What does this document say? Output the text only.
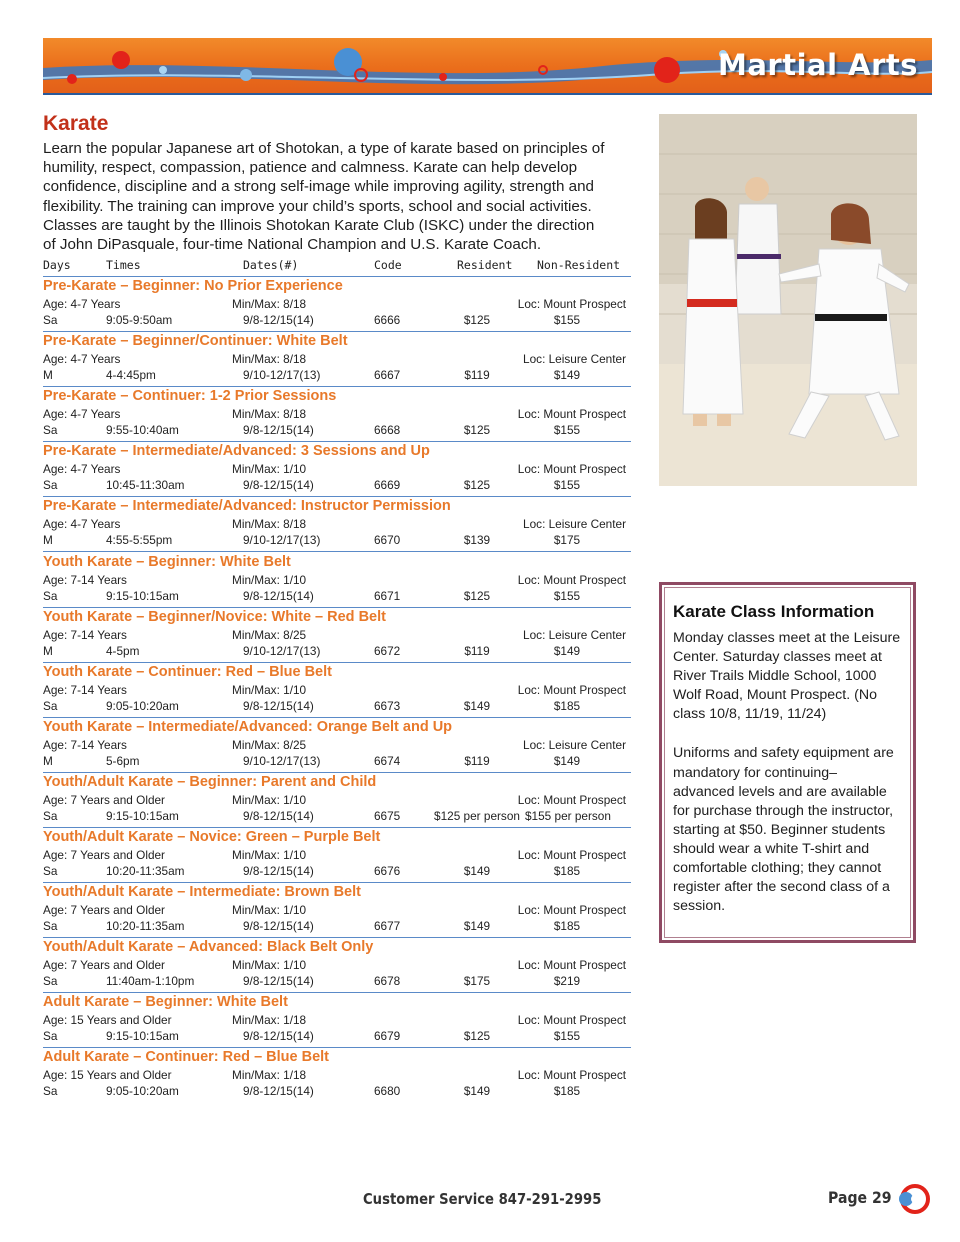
Martial Arts
Karate
Learn the popular Japanese art of Shotokan, a type of karate based on principles of humility, respect, compassion, patience and calmness. Karate can help develop confidence, discipline and a strong self-image while improving agility, strength and flexibility. The training can improve your child’s sports, school and social activities. Classes are taught by the Illinois Shotokan Karate Club (ISKC) under the direction of John DiPasquale, four-time National Champion and U.S. Karate Coach.
Days	Times	Dates(#)	Code	Resident Non-Resident
Pre-Karate – Beginner: No Prior Experience
Age: 4-7 Years	Min/Max: 8/18	Loc: Mount Prospect
Sa	9:05-9:50am	9/8-12/15(14)	6666	$125	$155
Pre-Karate – Beginner/Continuer: White Belt
Age: 4-7 Years	Min/Max: 8/18	Loc: Leisure Center
M	4-4:45pm	9/10-12/17(13)	6667	$119	$149
Pre-Karate – Continuer: 1-2 Prior Sessions
Age: 4-7 Years	Min/Max: 8/18	Loc: Mount Prospect
Sa	9:55-10:40am	9/8-12/15(14)	6668	$125	$155
Pre-Karate – Intermediate/Advanced: 3 Sessions and Up
Age: 4-7 Years	Min/Max: 1/10	Loc: Mount Prospect
Sa	10:45-11:30am	9/8-12/15(14)	6669	$125	$155
Pre-Karate – Intermediate/Advanced: Instructor Permission
Age: 4-7 Years	Min/Max: 8/18	Loc: Leisure Center
M	4:55-5:55pm	9/10-12/17(13)	6670	$139	$175
Youth Karate – Beginner: White Belt
Age: 7-14 Years	Min/Max: 1/10	Loc: Mount Prospect
Sa	9:15-10:15am	9/8-12/15(14)	6671	$125	$155
Youth Karate – Beginner/Novice: White – Red Belt
Age: 7-14 Years	Min/Max: 8/25	Loc: Leisure Center
M	4-5pm	9/10-12/17(13)	6672	$119	$149
Youth Karate – Continuer: Red – Blue Belt
Age: 7-14 Years	Min/Max: 1/10	Loc: Mount Prospect
Sa	9:05-10:20am	9/8-12/15(14)	6673	$149	$185
Youth Karate – Intermediate/Advanced: Orange Belt and Up
Age: 7-14 Years	Min/Max: 8/25	Loc: Leisure Center
M	5-6pm	9/10-12/17(13)	6674	$119	$149
Youth/Adult Karate – Beginner: Parent and Child
Age: 7 Years and Older	Min/Max: 1/10	Loc: Mount Prospect
Sa	9:15-10:15am	9/8-12/15(14)	6675	$125 per person $155 per person
Youth/Adult Karate – Novice: Green – Purple Belt
Age: 7 Years and Older	Min/Max: 1/10	Loc: Mount Prospect
Sa	10:20-11:35am	9/8-12/15(14)	6676	$149	$185
Youth/Adult Karate – Intermediate: Brown Belt
Age: 7 Years and Older	Min/Max: 1/10	Loc: Mount Prospect
Sa	10:20-11:35am	9/8-12/15(14)	6677	$149	$185
Youth/Adult Karate – Advanced: Black Belt Only
Age: 7 Years and Older	Min/Max: 1/10	Loc: Mount Prospect
Sa	11:40am-1:10pm	9/8-12/15(14)	6678	$175	$219
Adult Karate – Beginner: White Belt
Age: 15 Years and Older	Min/Max: 1/18	Loc: Mount Prospect
Sa	9:15-10:15am	9/8-12/15(14)	6679	$125	$155
Adult Karate – Continuer: Red – Blue Belt
Age: 15 Years and Older	Min/Max: 1/18	Loc: Mount Prospect
Sa	9:05-10:20am	9/8-12/15(14)	6680	$149	$185
Karate Class Information
Monday classes meet at the Leisure Center. Saturday classes meet at River Trails Middle School, 1000 Wolf Road, Mount Prospect. (No class 10/8, 11/19, 11/24)
Uniforms and safety equipment are mandatory for continuing– advanced levels and are available for purchase through the instructor, starting at $50. Beginner students should wear a white T-shirt and comfortable clothing; they cannot register after the second class of a session.
Customer Service 847-291-2995	Page 29
